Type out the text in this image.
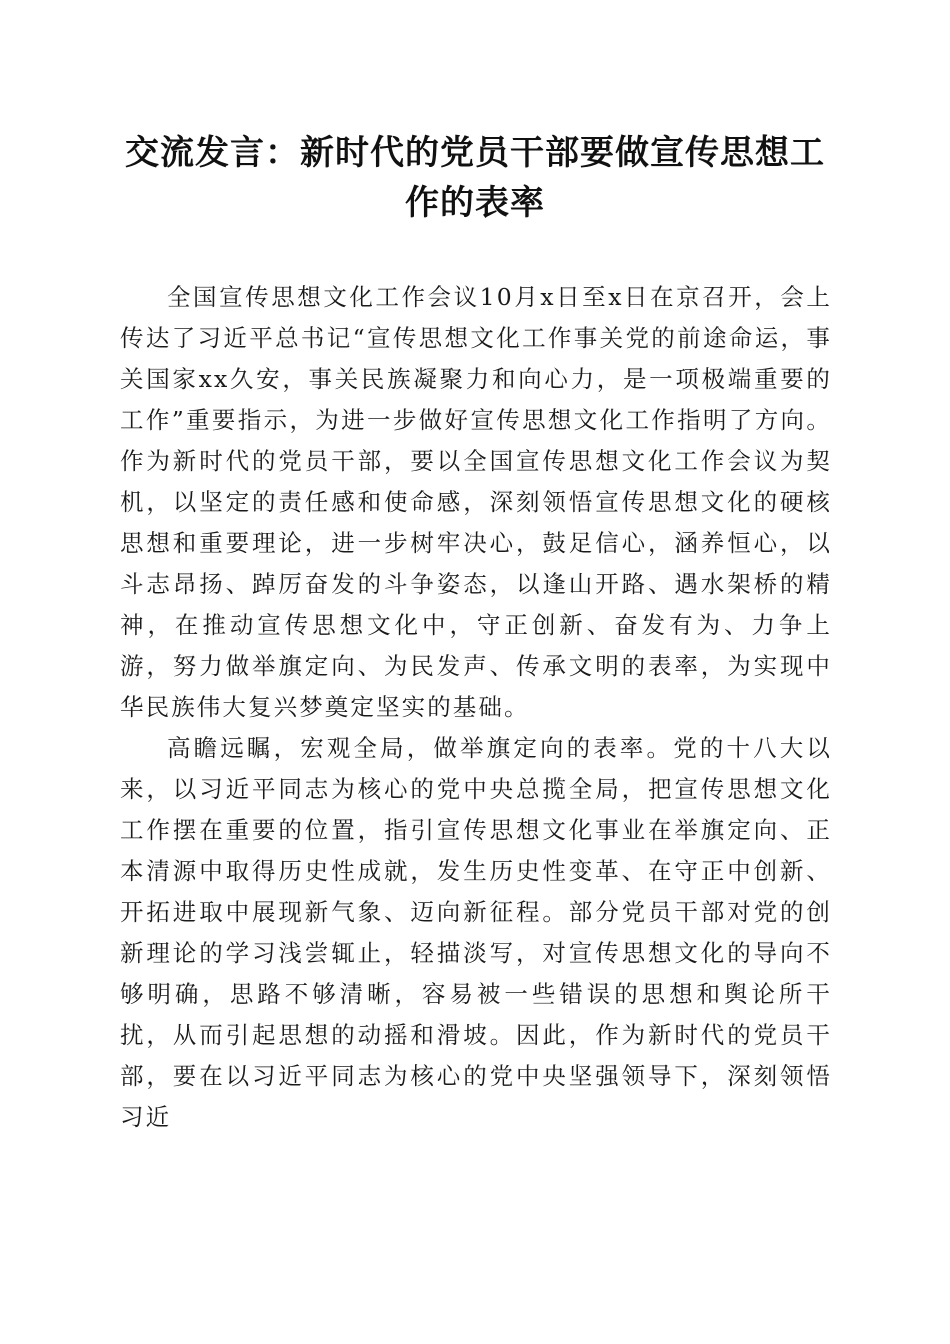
交流发言：新时代的党员干部要做宣传思想工作的表率

全国宣传思想文化工作会议10月x日至x日在京召开，会上传达了习近平总书记“宣传思想文化工作事关党的前途命运，事关国家xx久安，事关民族凝聚力和向心力，是一项极端重要的工作”重要指示，为进一步做好宣传思想文化工作指明了方向。作为新时代的党员干部，要以全国宣传思想文化工作会议为契机，以坚定的责任感和使命感，深刻领悟宣传思想文化的硬核思想和重要理论，进一步树牢决心，鼓足信心，涵养恒心，以斗志昂扬、踔厉奋发的斗争姿态，以逢山开路、遇水架桥的精神，在推动宣传思想文化中，守正创新、奋发有为、力争上游，努力做举旗定向、为民发声、传承文明的表率，为实现中华民族伟大复兴梦奠定坚实的基础。

高瞻远瞩，宏观全局，做举旗定向的表率。党的十八大以来，以习近平同志为核心的党中央总揽全局，把宣传思想文化工作摆在重要的位置，指引宣传思想文化事业在举旗定向、正本清源中取得历史性成就，发生历史性变革、在守正中创新、开拓进取中展现新气象、迈向新征程。部分党员干部对党的创新理论的学习浅尝辄止，轻描淡写，对宣传思想文化的导向不够明确，思路不够清晰，容易被一些错误的思想和舆论所干扰，从而引起思想的动摇和滑坡。因此，作为新时代的党员干部，要在以习近平同志为核心的党中央坚强领导下，深刻领悟习近
